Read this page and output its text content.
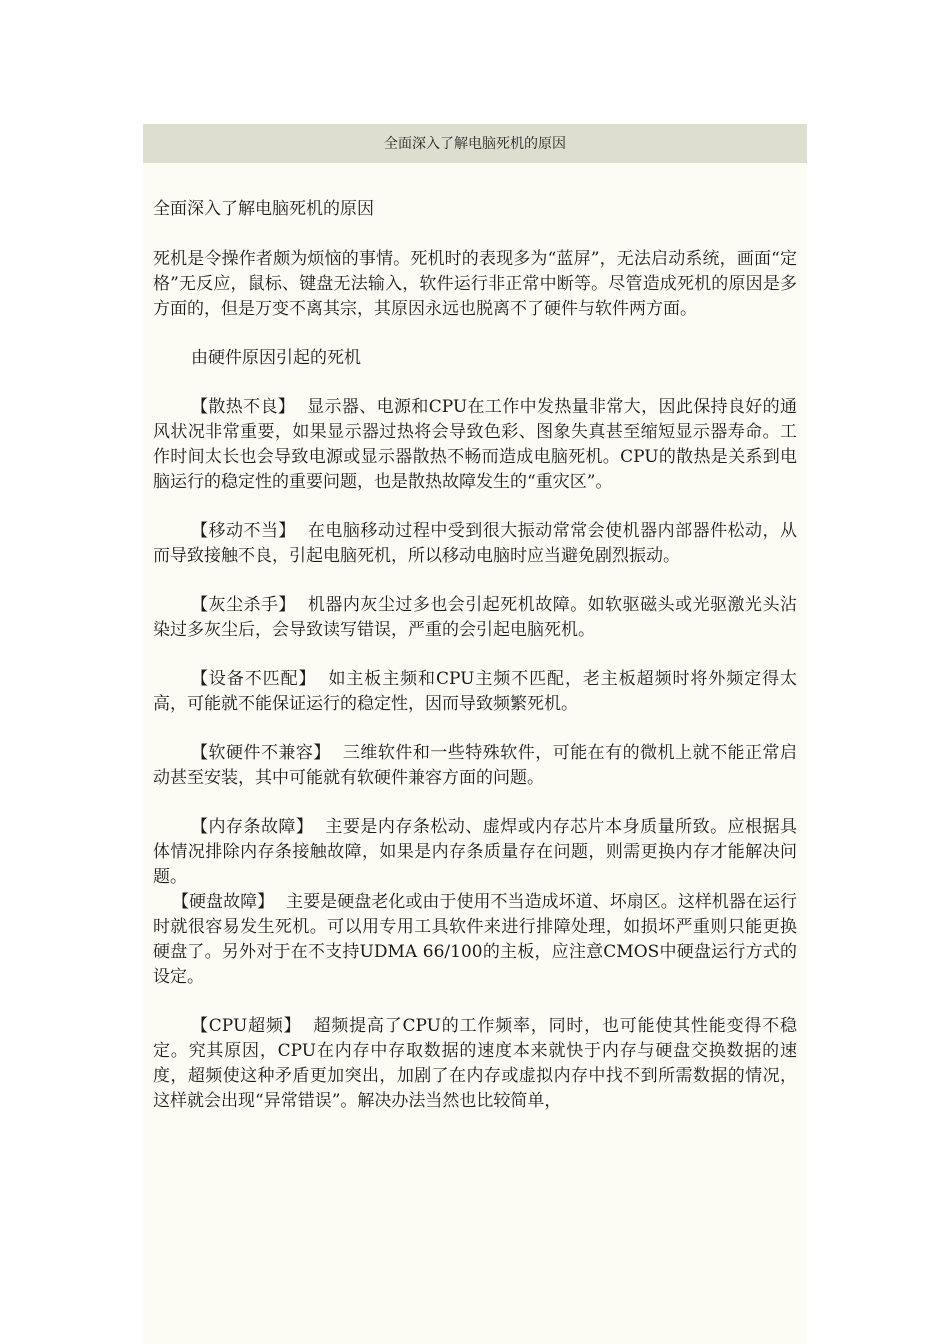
全面深入了解电脑死机的原因
全面深入了解电脑死机的原因
死机是令操作者颇为烦恼的事情。死机时的表现多为“蓝屏”，无法启动系统，画面“定格”无反应，鼠标、键盘无法输入，软件运行非正常中断等。尽管造成死机的原因是多方面的，但是万变不离其宗，其原因永远也脱离不了硬件与软件两方面。
由硬件原因引起的死机
【散热不良】 显示器、电源和CPU在工作中发热量非常大，因此保持良好的通风状况非常重要，如果显示器过热将会导致色彩、图象失真甚至缩短显示器寿命。工作时间太长也会导致电源或显示器散热不畅而造成电脑死机。CPU的散热是关系到电脑运行的稳定性的重要问题，也是散热故障发生的“重灾区”。
【移动不当】 在电脑移动过程中受到很大振动常常会使机器内部器件松动，从而导致接触不良，引起电脑死机，所以移动电脑时应当避免剧烈振动。
【灰尘杀手】 机器内灰尘过多也会引起死机故障。如软驱磁头或光驱激光头沾染过多灰尘后，会导致读写错误，严重的会引起电脑死机。
【设备不匹配】 如主板主频和CPU主频不匹配，老主板超频时将外频定得太高，可能就不能保证运行的稳定性，因而导致频繁死机。
【软硬件不兼容】 三维软件和一些特殊软件，可能在有的微机上就不能正常启动甚至安装，其中可能就有软硬件兼容方面的问题。
【内存条故障】 主要是内存条松动、虚焊或内存芯片本身质量所致。应根据具体情况排除内存条接触故障，如果是内存条质量存在问题，则需更换内存才能解决问题。
【硬盘故障】 主要是硬盘老化或由于使用不当造成坏道、坏扇区。这样机器在运行时就很容易发生死机。可以用专用工具软件来进行排障处理，如损坏严重则只能更换硬盘了。另外对于在不支持UDMA 66/100的主板，应注意CMOS中硬盘运行方式的设定。
【CPU超频】 超频提高了CPU的工作频率，同时，也可能使其性能变得不稳定。究其原因，CPU在内存中存取数据的速度本来就快于内存与硬盘交换数据的速度，超频使这种矛盾更加突出，加剧了在内存或虚拟内存中找不到所需数据的情况，这样就会出现“异常错误”。解决办法当然也比较简单，
